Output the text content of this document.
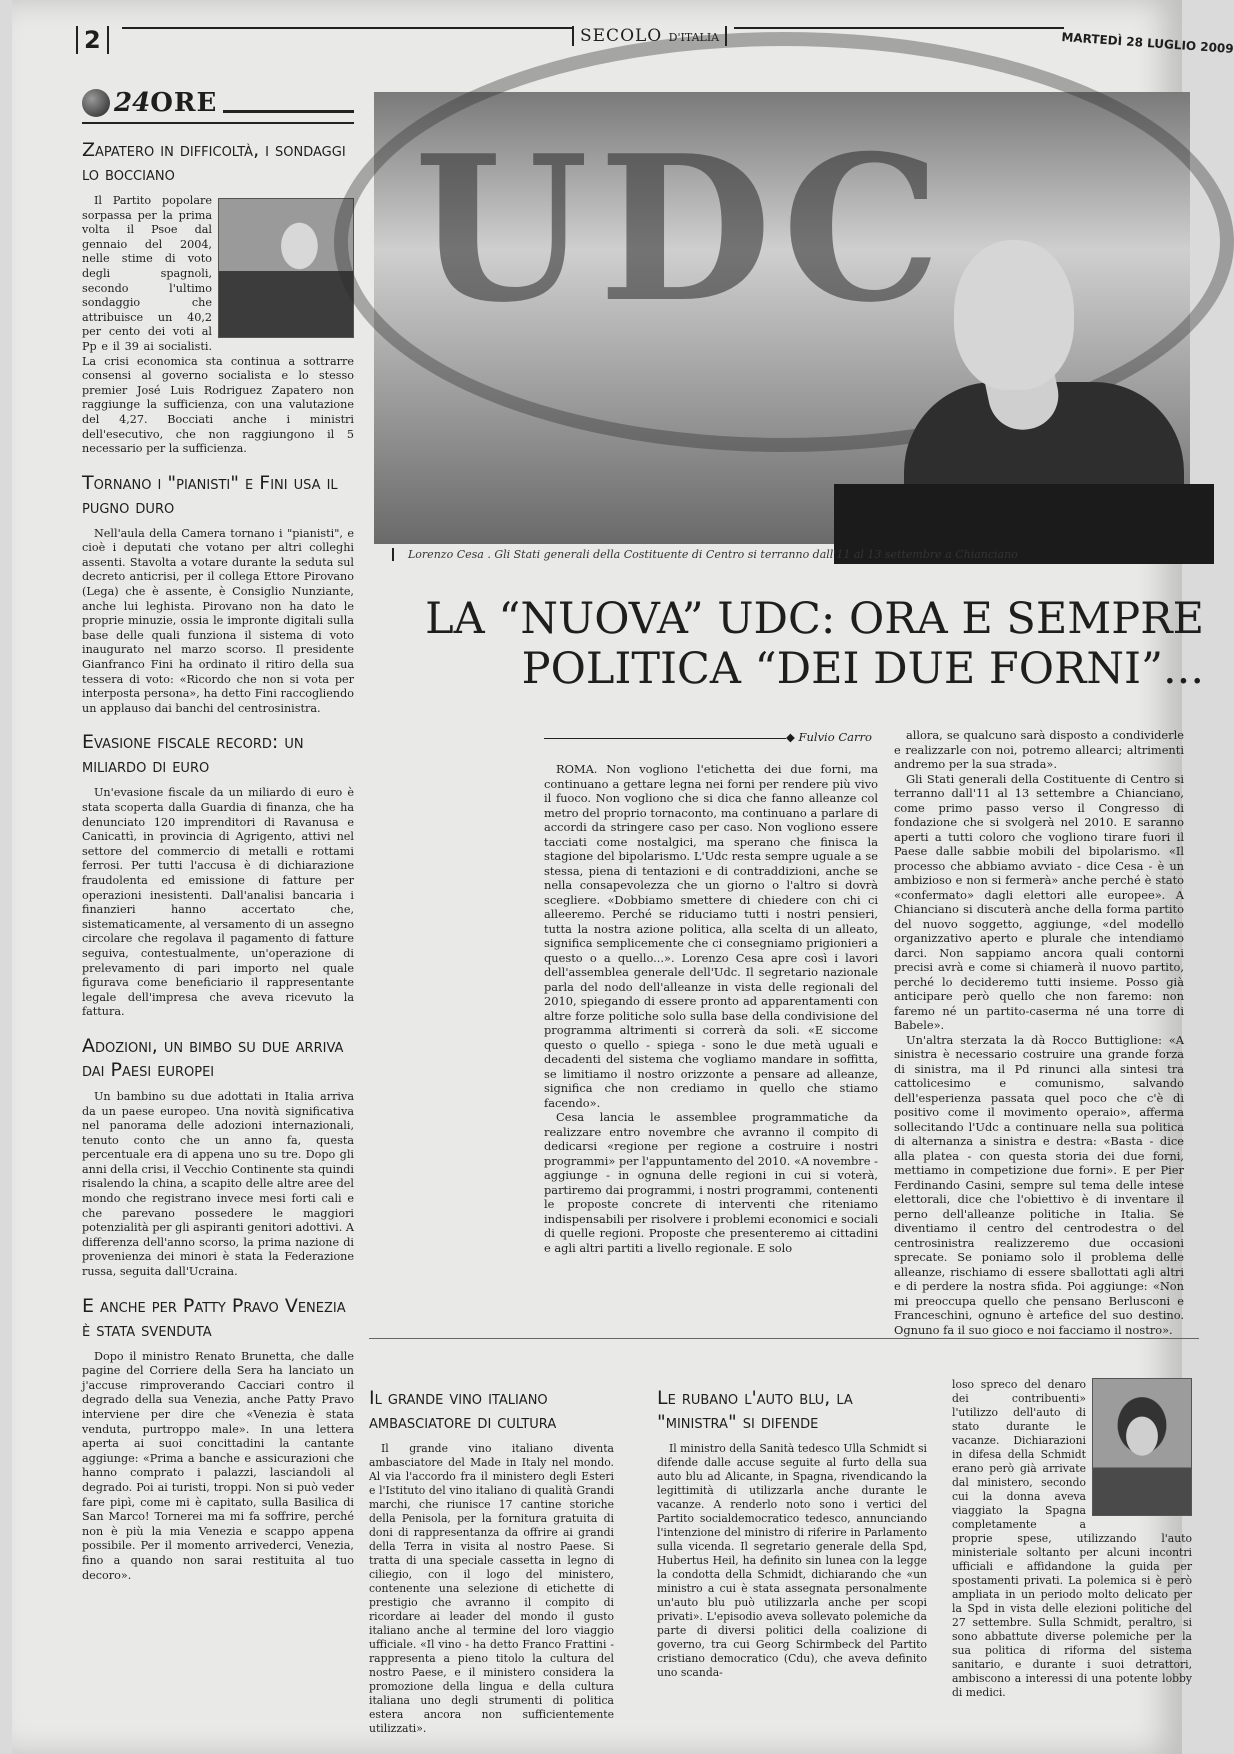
2	SECOLO D'ITALIA	MARTEDÌ 28 LUGLIO 2009
24 ORE
Zapatero in difficoltà, i sondaggi lo bocciano
Il Partito popolare sorpassa per la prima volta il Psoe dal gennaio del 2004, nelle stime di voto degli spagnoli, secondo l'ultimo sondaggio che attribuisce un 40,2 per cento dei voti al Pp e il 39 ai socialisti. La crisi economica sta continua a sottrarre consensi al governo socialista e lo stesso premier José Luis Rodriguez Zapatero non raggiunge la sufficienza, con una valutazione del 4,27. Bocciati anche i ministri dell'esecutivo, che non raggiungono il 5 necessario per la sufficienza.
Tornano i "pianisti" e Fini usa il pugno duro
Nell'aula della Camera tornano i "pianisti", e cioè i deputati che votano per altri colleghi assenti. Stavolta a votare durante la seduta sul decreto anticrisi, per il collega Ettore Pirovano (Lega) che è assente, è Consiglio Nunziante, anche lui leghista. Pirovano non ha dato le proprie minuzie, ossia le impronte digitali sulla base delle quali funziona il sistema di voto inaugurato nel marzo scorso. Il presidente Gianfranco Fini ha ordinato il ritiro della sua tessera di voto: «Ricordo che non si vota per interposta persona», ha detto Fini raccogliendo un applauso dai banchi del centrosinistra.
Evasione fiscale record: un miliardo di euro
Un'evasione fiscale da un miliardo di euro è stata scoperta dalla Guardia di finanza, che ha denunciato 120 imprenditori di Ravanusa e Canicattì, in provincia di Agrigento, attivi nel settore del commercio di metalli e rottami ferrosi. Per tutti l'accusa è di dichiarazione fraudolenta ed emissione di fatture per operazioni inesistenti. Dall'analisi bancaria i finanzieri hanno accertato che, sistematicamente, al versamento di un assegno circolare che regolava il pagamento di fatture seguiva, contestualmente, un'operazione di prelevamento di pari importo nel quale figurava come beneficiario il rappresentante legale dell'impresa che aveva ricevuto la fattura.
Adozioni, un bimbo su due arriva dai Paesi europei
Un bambino su due adottati in Italia arriva da un paese europeo. Una novità significativa nel panorama delle adozioni internazionali, tenuto conto che un anno fa, questa percentuale era di appena uno su tre. Dopo gli anni della crisi, il Vecchio Continente sta quindi risalendo la china, a scapito delle altre aree del mondo che registrano invece mesi forti cali e che parevano possedere le maggiori potenzialità per gli aspiranti genitori adottivi. A differenza dell'anno scorso, la prima nazione di provenienza dei minori è stata la Federazione russa, seguita dall'Ucraina.
E anche per Patty Pravo Venezia è stata svenduta
Dopo il ministro Renato Brunetta, che dalle pagine del Corriere della Sera ha lanciato un j'accuse rimproverando Cacciari contro il degrado della sua Venezia, anche Patty Pravo interviene per dire che «Venezia è stata venduta, purtroppo male». In una lettera aperta ai suoi concittadini la cantante aggiunge: «Prima a banche e assicurazioni che hanno comprato i palazzi, lasciandoli al degrado. Poi ai turisti, troppi. Non si può veder fare pipì, come mi è capitato, sulla Basilica di San Marco! Tornerei ma mi fa soffrire, perché non è più la mia Venezia e scappo appena possibile. Per il momento arrivederci, Venezia, fino a quando non sarai restituita al tuo decoro».
UDC
Lorenzo Cesa . Gli Stati generali della Costituente di Centro si terranno dall'11 al 13 settembre a Chianciano
LA “NUOVA” UDC: ORA E SEMPRE
POLITICA “DEI DUE FORNI”...
◆ Fulvio Carro

ROMA. Non vogliono l'etichetta dei due forni, ma continuano a gettare legna nei forni per rendere più vivo il fuoco. Non vogliono che si dica che fanno alleanze col metro del proprio tornaconto, ma continuano a parlare di accordi da stringere caso per caso. Non vogliono essere tacciati come nostalgici, ma sperano che finisca la stagione del bipolarismo. L'Udc resta sempre uguale a se stessa, piena di tentazioni e di contraddizioni, anche se nella consapevolezza che un giorno o l'altro si dovrà scegliere. «Dobbiamo smettere di chiedere con chi ci alleeremo. Perché se riduciamo tutti i nostri pensieri, tutta la nostra azione politica, alla scelta di un alleato, significa semplicemente che ci consegniamo prigionieri a questo o a quello...». Lorenzo Cesa apre così i lavori dell'assemblea generale dell'Udc. Il segretario nazionale parla del nodo dell'alleanze in vista delle regionali del 2010, spiegando di essere pronto ad apparentamenti con altre forze politiche solo sulla base della condivisione del programma altrimenti si correrà da soli. «E siccome questo o quello - spiega - sono le due metà uguali e decadenti del sistema che vogliamo mandare in soffitta, se limitiamo il nostro orizzonte a pensare ad alleanze, significa che non crediamo in quello che stiamo facendo».

Cesa lancia le assemblee programmatiche da realizzare entro novembre che avranno il compito di dedicarsi «regione per regione a costruire i nostri programmi» per l'appuntamento del 2010. «A novembre - aggiunge - in ognuna delle regioni in cui si voterà, partiremo dai programmi, i nostri programmi, contenenti le proposte concrete di interventi che riteniamo indispensabili per risolvere i problemi economici e sociali di quelle regioni. Proposte che presenteremo ai cittadini e agli altri partiti a livello regionale. E solo

allora, se qualcuno sarà disposto a condividerle e realizzarle con noi, potremo allearci; altrimenti andremo per la sua strada».

Gli Stati generali della Costituente di Centro si terranno dall'11 al 13 settembre a Chianciano, come primo passo verso il Congresso di fondazione che si svolgerà nel 2010. E saranno aperti a tutti coloro che vogliono tirare fuori il Paese dalle sabbie mobili del bipolarismo. «Il processo che abbiamo avviato - dice Cesa - è un ambizioso e non si fermerà» anche perché è stato «confermato» dagli elettori alle europee». A Chianciano si discuterà anche della forma partito del nuovo soggetto, aggiunge, «del modello organizzativo aperto e plurale che intendiamo darci. Non sappiamo ancora quali contorni precisi avrà e come si chiamerà il nuovo partito, perché lo decideremo tutti insieme. Posso già anticipare però quello che non faremo: non faremo né un partito-caserma né una torre di Babele».

Un'altra sterzata la dà Rocco Buttiglione: «A sinistra è necessario costruire una grande forza di sinistra, ma il Pd rinunci alla sintesi tra cattolicesimo e comunismo, salvando dell'esperienza passata quel poco che c'è di positivo come il movimento operaio», afferma sollecitando l'Udc a continuare nella sua politica di alternanza a sinistra e destra: «Basta - dice alla platea - con questa storia dei due forni, mettiamo in competizione due forni». E per Pier Ferdinando Casini, sempre sul tema delle intese elettorali, dice che l'obiettivo è di inventare il perno dell'alleanze politiche in Italia. Se diventiamo il centro del centrodestra o del centrosinistra realizzeremo due occasioni sprecate. Se poniamo solo il problema delle alleanze, rischiamo di essere sballottati agli altri e di perdere la nostra sfida. Poi aggiunge: «Non mi preoccupa quello che pensano Berlusconi e Franceschini, ognuno è artefice del suo destino. Ognuno fa il suo gioco e noi facciamo il nostro».

Il grande vino italiano ambasciatore di cultura
Il grande vino italiano diventa ambasciatore del Made in Italy nel mondo. Al via l'accordo fra il ministero degli Esteri e l'Istituto del vino italiano di qualità Grandi marchi, che riunisce 17 cantine storiche della Penisola, per la fornitura gratuita di doni di rappresentanza da offrire ai grandi della Terra in visita al nostro Paese. Si tratta di una speciale cassetta in legno di ciliegio, con il logo del ministero, contenente una selezione di etichette di prestigio che avranno il compito di ricordare ai leader del mondo il gusto italiano anche al termine del loro viaggio ufficiale. «Il vino - ha detto Franco Frattini - rappresenta a pieno titolo la cultura del nostro Paese, e il ministero considera la promozione della lingua e della cultura italiana uno degli strumenti di politica estera ancora non sufficientemente utilizzati».
Le rubano l'auto blu, la "ministra" si difende
Il ministro della Sanità tedesco Ulla Schmidt si difende dalle accuse seguite al furto della sua auto blu ad Alicante, in Spagna, rivendicando la legittimità di utilizzarla anche durante le vacanze. A renderlo noto sono i vertici del Partito socialdemocratico tedesco, annunciando l'intenzione del ministro di riferire in Parlamento sulla vicenda. Il segretario generale della Spd, Hubertus Heil, ha definito sin lunea con la legge la condotta della Schmidt, dichiarando che «un ministro a cui è stata assegnata personalmente un'auto blu può utilizzarla anche per scopi privati». L'episodio aveva sollevato polemiche da parte di diversi politici della coalizione di governo, tra cui Georg Schirmbeck del Partito cristiano democratico (Cdu), che aveva definito uno scanda-
loso spreco del denaro dei contribuenti» l'utilizzo dell'auto di stato durante le vacanze. Dichiarazioni in difesa della Schmidt erano però già arrivate dal ministero, secondo cui la donna aveva viaggiato la Spagna completamente a proprie spese, utilizzando l'auto ministeriale soltanto per alcuni incontri ufficiali e affidandone la guida per spostamenti privati. La polemica si è però ampliata in un periodo molto delicato per la Spd in vista delle elezioni politiche del 27 settembre. Sulla Schmidt, peraltro, si sono abbattute diverse polemiche per la sua politica di riforma del sistema sanitario, e durante i suoi detrattori, ambiscono a interessi di una potente lobby di medici.
